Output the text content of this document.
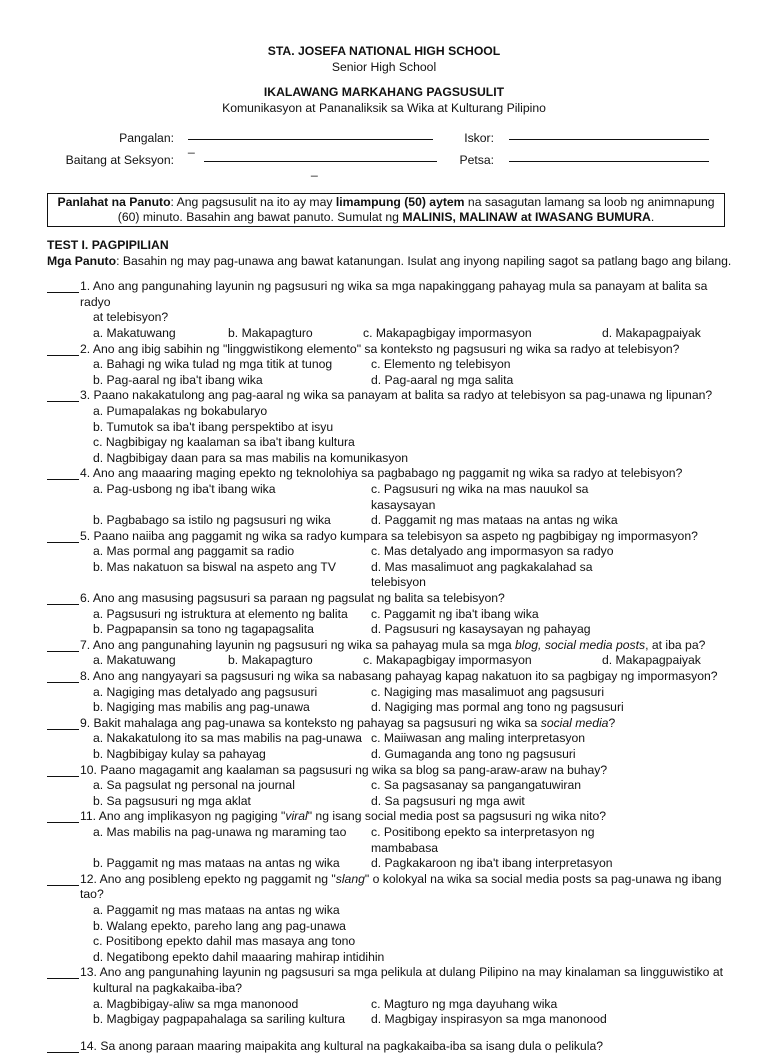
STA. JOSEFA NATIONAL HIGH SCHOOL
Senior High School
IKALAWANG MARKAHANG PAGSUSULIT
Komunikasyon at Pananaliksik sa Wika at Kulturang Pilipino
Pangalan:
_
Iskor:
Baitang at Seksyon:
_
Petsa:
Panlahat na Panuto: Ang pagsusulit na ito ay may limampung (50) aytem na sasagutan lamang sa loob ng animnapung (60) minuto. Basahin ang bawat panuto. Sumulat ng MALINIS, MALINAW at IWASANG BUMURA.
TEST I. PAGPIPILIAN
Mga Panuto: Basahin ng may pag-unawa ang bawat katanungan. Isulat ang inyong napiling sagot sa patlang bago ang bilang.
1. Ano ang pangunahing layunin ng pagsusuri ng wika sa mga napakinggang pahayag mula sa panayam at balita sa radyo
at telebisyon?
a. Makatuwang	b. Makapagturo	c. Makapagbigay impormasyon	d. Makapagpaiyak
2. Ano ang ibig sabihin ng "linggwistikong elemento" sa konteksto ng pagsusuri ng wika sa radyo at telebisyon?
a. Bahagi ng wika tulad ng mga titik at tunog	c. Elemento ng telebisyon
b. Pag-aaral ng iba't ibang wika	d. Pag-aaral ng mga salita
3. Paano nakakatulong ang pag-aaral ng wika sa panayam at balita sa radyo at telebisyon sa pag-unawa ng lipunan?
a. Pumapalakas ng bokabularyo
b. Tumutok sa iba't ibang perspektibo at isyu
c. Nagbibigay ng kaalaman sa iba't ibang kultura
d. Nagbibigay daan para sa mas mabilis na komunikasyon
4. Ano ang maaaring maging epekto ng teknolohiya sa pagbabago ng paggamit ng wika sa radyo at telebisyon?
a. Pag-usbong ng iba't ibang wika	c. Pagsusuri ng wika na mas nauukol sa kasaysayan
b. Pagbabago sa istilo ng pagsusuri ng wika	d. Paggamit ng mas mataas na antas ng wika
5. Paano naiiba ang paggamit ng wika sa radyo kumpara sa telebisyon sa aspeto ng pagbibigay ng impormasyon?
a. Mas pormal ang paggamit sa radio	c. Mas detalyado ang impormasyon sa radyo
b. Mas nakatuon sa biswal na aspeto ang TV	d. Mas masalimuot ang pagkakalahad sa telebisyon
6. Ano ang masusing pagsusuri sa paraan ng pagsulat ng balita sa telebisyon?
a. Pagsusuri ng istruktura at elemento ng balita	c. Paggamit ng iba't ibang wika
b. Pagpapansin sa tono ng tagapagsalita	d. Pagsusuri ng kasaysayan ng pahayag
7. Ano ang pangunahing layunin ng pagsusuri ng wika sa pahayag mula sa mga blog, social media posts, at iba pa?
a. Makatuwang	b. Makapagturo	c. Makapagbigay impormasyon	d. Makapagpaiyak
8. Ano ang nangyayari sa pagsusuri ng wika sa nabasang pahayag kapag nakatuon ito sa pagbigay ng impormasyon?
a. Nagiging mas detalyado ang pagsusuri	c. Nagiging mas masalimuot ang pagsusuri
b. Nagiging mas mabilis ang pag-unawa	d. Nagiging mas pormal ang tono ng pagsusuri
9. Bakit mahalaga ang pag-unawa sa konteksto ng pahayag sa pagsusuri ng wika sa social media?
a. Nakakatulong ito sa mas mabilis na pag-unawa c. Maiiwasan ang maling interpretasyon
b. Nagbibigay kulay sa pahayag	d. Gumaganda ang tono ng pagsusuri
10. Paano magagamit ang kaalaman sa pagsusuri ng wika sa blog sa pang-araw-araw na buhay?
a. Sa pagsulat ng personal na journal	c. Sa pagsasanay sa pangangatuwiran
b. Sa pagsusuri ng mga aklat	d. Sa pagsusuri ng mga awit
11. Ano ang implikasyon ng pagiging "viral" ng isang social media post sa pagsusuri ng wika nito?
a. Mas mabilis na pag-unawa ng maraming tao	c. Positibong epekto sa interpretasyon ng mambabasa
b. Paggamit ng mas mataas na antas ng wika	d. Pagkakaroon ng iba't ibang interpretasyon
12. Ano ang posibleng epekto ng paggamit ng "slang" o kolokyal na wika sa social media posts sa pag-unawa ng ibang tao?
a. Paggamit ng mas mataas na antas ng wika
b. Walang epekto, pareho lang ang pag-unawa
c. Positibong epekto dahil mas masaya ang tono
d. Negatibong epekto dahil maaaring mahirap intidihin
13. Ano ang pangunahing layunin ng pagsusuri sa mga pelikula at dulang Pilipino na may kinalaman sa lingguwistiko at
kultural na pagkakaiba-iba?
a. Magbibigay-aliw sa mga manonood	c. Magturo ng mga dayuhang wika
b. Magbigay pagpapahalaga sa sariling kultura	d. Magbigay inspirasyon sa mga manonood
14. Sa anong paraan maaring maipakita ang kultural na pagkakaiba-iba sa isang dula o pelikula?
